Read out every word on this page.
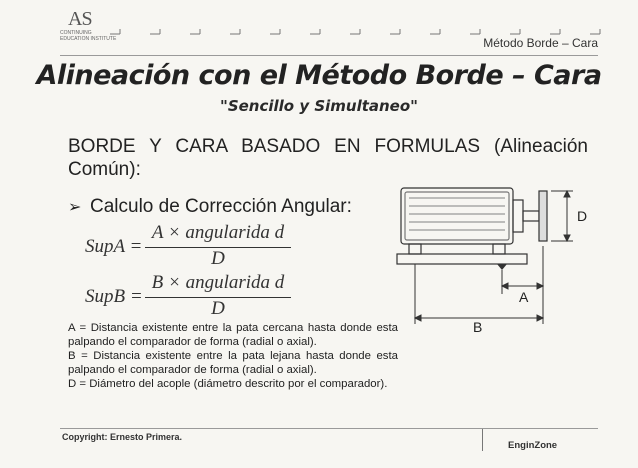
AS
CONTINUING
EDUCATION INSTITUTE	Método Borde – Cara
Alineación con el Método Borde – Cara
"Sencillo y Simultaneo"
BORDE Y CARA BASADO EN FORMULAS (Alineación Común):
➢ Calculo de Corrección Angular:
SupA =
A × angularida d
D
SupB =
B × angularida d
D

A = Distancia existente entre la pata cercana hasta donde esta palpando el comparador de forma (radial o axial).

B = Distancia existente entre la pata lejana hasta donde esta palpando el comparador de forma (radial o axial).

D = Diámetro del acople (diámetro descrito por el comparador).

D
A
B
Copyright: Ernesto Primera.
EnginZone
